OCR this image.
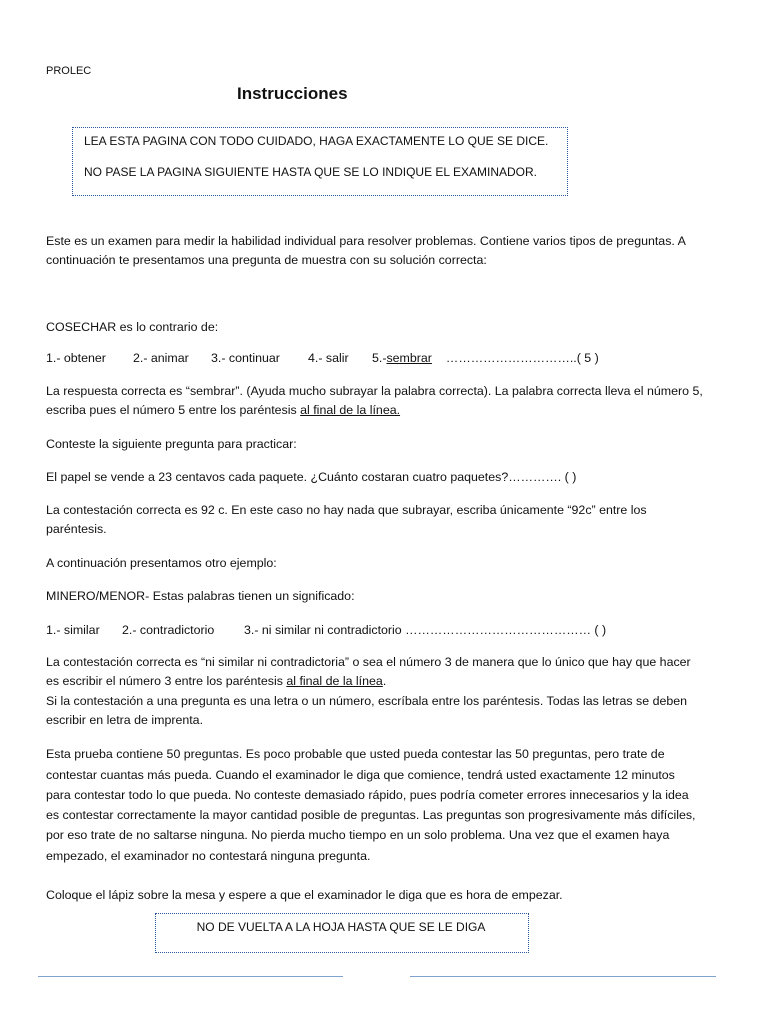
PROLEC
Instrucciones
LEA ESTA PAGINA CON TODO CUIDADO, HAGA EXACTAMENTE LO QUE SE DICE.
NO PASE LA PAGINA SIGUIENTE HASTA QUE SE LO INDIQUE EL EXAMINADOR.
Este es un examen para medir la habilidad individual para resolver problemas. Contiene varios tipos de preguntas. A
continuación te presentamos una pregunta de muestra con su solución correcta:
COSECHAR es lo contrario de:
1.- obtener 2.- animar 3.- continuar 4.- salir 5.-sembrar …………………………..( 5 )
La respuesta correcta es “sembrar”. (Ayuda mucho subrayar la palabra correcta). La palabra correcta lleva el número 5,
escriba pues el número 5 entre los paréntesis al final de la línea.
Conteste la siguiente pregunta para practicar:
El papel se vende a 23 centavos cada paquete. ¿Cuánto costaran cuatro paquetes?…………. ( )
La contestación correcta es 92 c. En este caso no hay nada que subrayar, escriba únicamente “92c” entre los
paréntesis.
A continuación presentamos otro ejemplo:
MINERO/MENOR- Estas palabras tienen un significado:
1.- similar 2.- contradictorio 3.- ni similar ni contradictorio ……………………………………… ( )
La contestación correcta es “ni similar ni contradictoria” o sea el número 3 de manera que lo único que hay que hacer
es escribir el número 3 entre los paréntesis al final de la línea.
Si la contestación a una pregunta es una letra o un número, escríbala entre los paréntesis. Todas las letras se deben
escribir en letra de imprenta.
Esta prueba contiene 50 preguntas. Es poco probable que usted pueda contestar las 50 preguntas, pero trate de
contestar cuantas más pueda. Cuando el examinador le diga que comience, tendrá usted exactamente 12 minutos
para contestar todo lo que pueda. No conteste demasiado rápido, pues podría cometer errores innecesarios y la idea
es contestar correctamente la mayor cantidad posible de preguntas. Las preguntas son progresivamente más difíciles,
por eso trate de no saltarse ninguna. No pierda mucho tiempo en un solo problema. Una vez que el examen haya
empezado, el examinador no contestará ninguna pregunta.
Coloque el lápiz sobre la mesa y espere a que el examinador le diga que es hora de empezar.
NO DE VUELTA A LA HOJA HASTA QUE SE LE DIGA
